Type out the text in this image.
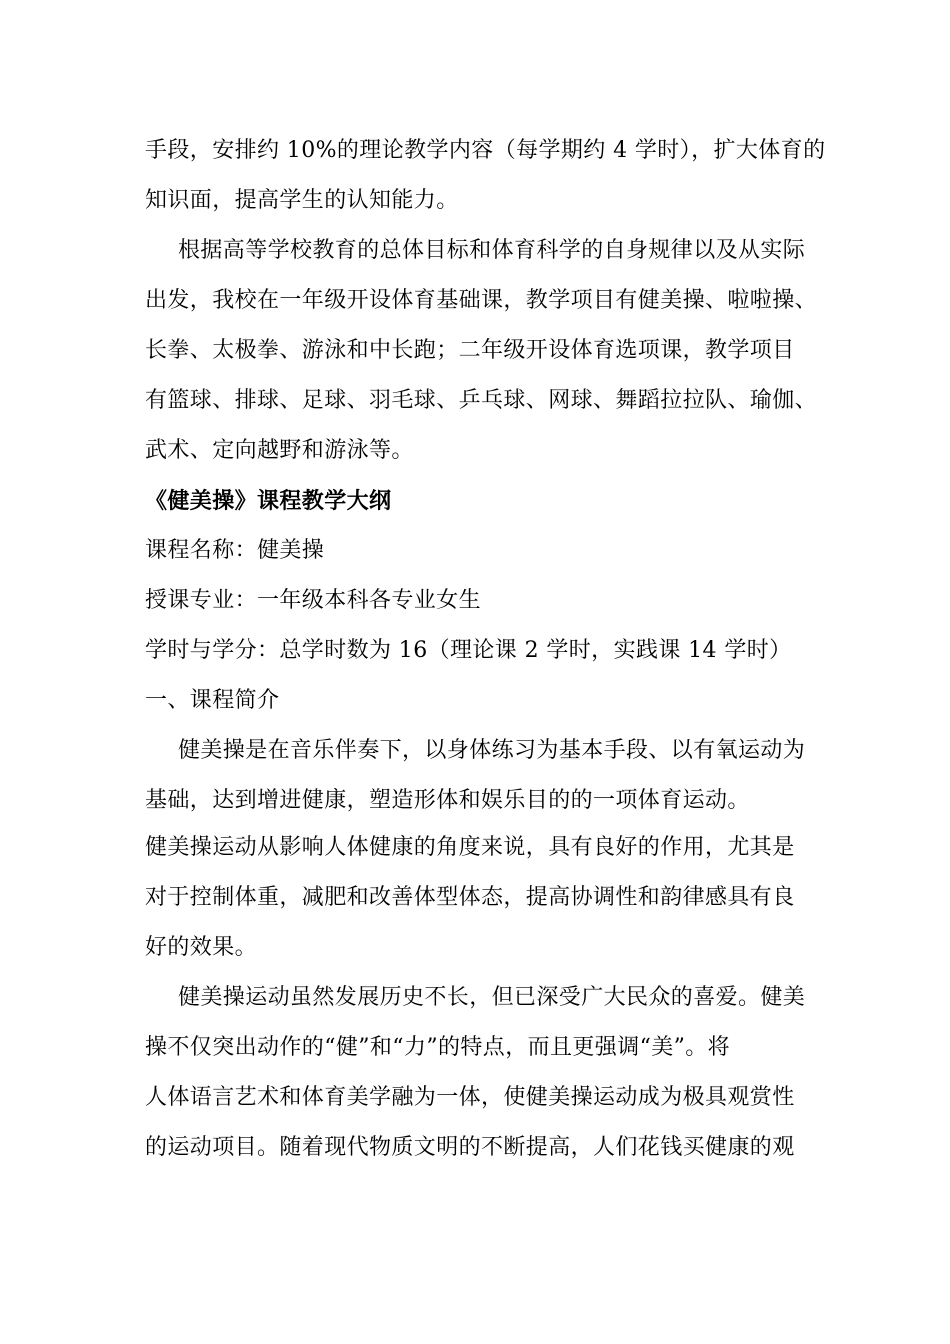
手段，安排约 10%的理论教学内容（每学期约 4 学时），扩大体育的

知识面，提高学生的认知能力。

根据高等学校教育的总体目标和体育科学的自身规律以及从实际

出发，我校在一年级开设体育基础课，教学项目有健美操、啦啦操、

长拳、太极拳、游泳和中长跑；二年级开设体育选项课，教学项目

有篮球、排球、足球、羽毛球、乒乓球、网球、舞蹈拉拉队、瑜伽、

武术、定向越野和游泳等。

《健美操》课程教学大纲

课程名称：健美操

授课专业：一年级本科各专业女生

学时与学分：总学时数为 16（理论课 2 学时，实践课 14 学时）

一、课程简介

健美操是在音乐伴奏下，以身体练习为基本手段、以有氧运动为

基础，达到增进健康，塑造形体和娱乐目的的一项体育运动。

健美操运动从影响人体健康的角度来说，具有良好的作用，尤其是

对于控制体重，减肥和改善体型体态，提高协调性和韵律感具有良

好的效果。

健美操运动虽然发展历史不长，但已深受广大民众的喜爱。健美

操不仅突出动作的“健”和“力”的特点，而且更强调“美”。将

人体语言艺术和体育美学融为一体，使健美操运动成为极具观赏性

的运动项目。随着现代物质文明的不断提高，人们花钱买健康的观
